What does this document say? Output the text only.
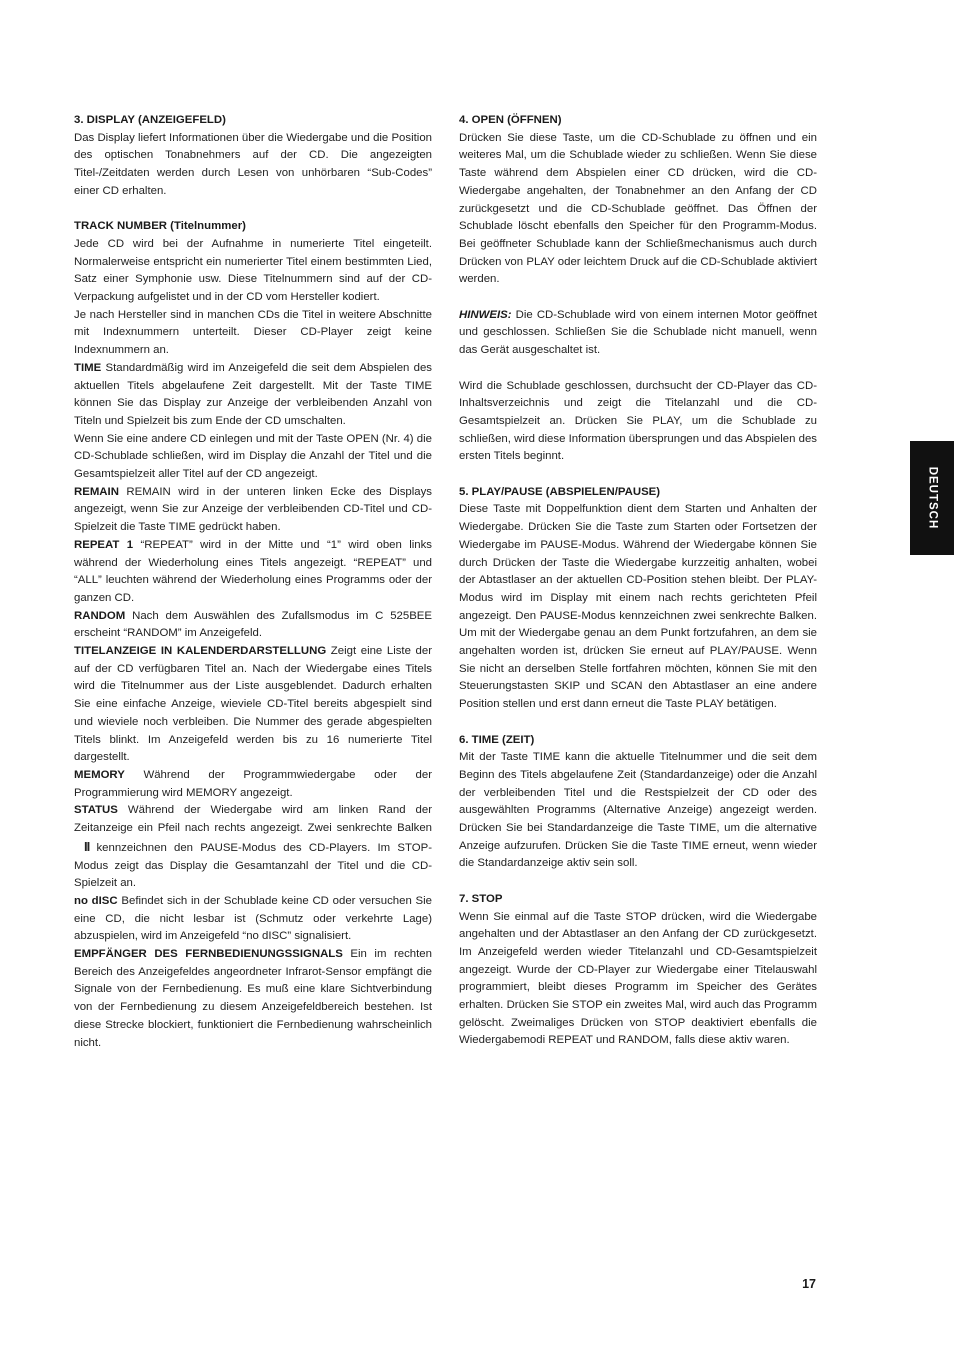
3. DISPLAY (ANZEIGEFELD)

Das Display liefert Informationen über die Wiedergabe und die Position des optischen Tonabnehmers auf der CD. Die angezeigten Titel-/Zeitdaten werden durch Lesen von unhörbaren “Sub-Codes” einer CD erhalten.

TRACK NUMBER (Titelnummer)

Jede CD wird bei der Aufnahme in numerierte Titel eingeteilt. Normalerweise entspricht ein numerierter Titel einem bestimmten Lied, Satz einer Symphonie usw. Diese Titelnummern sind auf der CD-Verpackung aufgelistet und in der CD vom Hersteller kodiert.

Je nach Hersteller sind in manchen CDs die Titel in weitere Abschnitte mit Indexnummern unterteilt. Dieser CD-Player zeigt keine Indexnummern an.

TIME Standardmäßig wird im Anzeigefeld die seit dem Abspielen des aktuellen Titels abgelaufene Zeit dargestellt. Mit der Taste TIME können Sie das Display zur Anzeige der verbleibenden Anzahl von Titeln und Spielzeit bis zum Ende der CD umschalten.

Wenn Sie eine andere CD einlegen und mit der Taste OPEN (Nr. 4) die CD-Schublade schließen, wird im Display die Anzahl der Titel und die Gesamtspielzeit aller Titel auf der CD angezeigt.

REMAIN REMAIN wird in der unteren linken Ecke des Displays angezeigt, wenn Sie zur Anzeige der verbleibenden CD-Titel und CD-Spielzeit die Taste TIME gedrückt haben.

REPEAT 1 “REPEAT” wird in der Mitte und “1” wird oben links während der Wiederholung eines Titels angezeigt. “REPEAT” und “ALL” leuchten während der Wiederholung eines Programms oder der ganzen CD.

RANDOM Nach dem Auswählen des Zufallsmodus im C 525BEE erscheint “RANDOM” im Anzeigefeld.

TITELANZEIGE IN KALENDERDARSTELLUNG Zeigt eine Liste der auf der CD verfügbaren Titel an. Nach der Wiedergabe eines Titels wird die Titelnummer aus der Liste ausgeblendet. Dadurch erhalten Sie eine einfache Anzeige, wieviele CD-Titel bereits abgespielt sind und wieviele noch verbleiben. Die Nummer des gerade abgespielten Titels blinkt. Im Anzeigefeld werden bis zu 16 numerierte Titel dargestellt.

MEMORY Während der Programmwiedergabe oder der Programmierung wird MEMORY angezeigt.

STATUS Während der Wiedergabe wird am linken Rand der Zeitanzeige ein Pfeil nach rechts angezeigt. Zwei senkrechte BalkenII kennzeichnen den PAUSE-Modus des CD-Players. Im STOP-Modus zeigt das Display die Gesamtanzahl der Titel und die CD-Spielzeit an.

no dISC Befindet sich in der Schublade keine CD oder versuchen Sie eine CD, die nicht lesbar ist (Schmutz oder verkehrte Lage) abzuspielen, wird im Anzeigefeld “no dISC” signalisiert.

EMPFÄNGER DES FERNBEDIENUNGSSIGNALS Ein im rechten Bereich des Anzeigefeldes angeordneter Infrarot-Sensor empfängt die Signale von der Fernbedienung. Es muß eine klare Sichtverbindung von der Fernbedienung zu diesem Anzeigefeldbereich bestehen. Ist diese Strecke blockiert, funktioniert die Fernbedienung wahrscheinlich nicht.

4. OPEN (ÖFFNEN)

Drücken Sie diese Taste, um die CD-Schublade zu öffnen und ein weiteres Mal, um die Schublade wieder zu schließen. Wenn Sie diese Taste während dem Abspielen einer CD drücken, wird die CD-Wiedergabe angehalten, der Tonabnehmer an den Anfang der CD zurückgesetzt und die CD-Schublade geöffnet. Das Öffnen der Schublade löscht ebenfalls den Speicher für den Programm-Modus. Bei geöffneter Schublade kann der Schließmechanismus auch durch Drücken von PLAY oder leichtem Druck auf die CD-Schublade aktiviert werden.

HINWEIS: Die CD-Schublade wird von einem internen Motor geöffnet und geschlossen. Schließen Sie die Schublade nicht manuell, wenn das Gerät ausgeschaltet ist.

Wird die Schublade geschlossen, durchsucht der CD-Player das CD-Inhaltsverzeichnis und zeigt die Titelanzahl und die CD-Gesamtspielzeit an. Drücken Sie PLAY, um die Schublade zu schließen, wird diese Information übersprungen und das Abspielen des ersten Titels beginnt.

5. PLAY/PAUSE (ABSPIELEN/PAUSE)

Diese Taste mit Doppelfunktion dient dem Starten und Anhalten der Wiedergabe. Drücken Sie die Taste zum Starten oder Fortsetzen der Wiedergabe im PAUSE-Modus. Während der Wiedergabe können Sie durch Drücken der Taste die Wiedergabe kurzzeitig anhalten, wobei der Abtastlaser an der aktuellen CD-Position stehen bleibt. Der PLAY-Modus wird im Display mit einem nach rechts gerichteten Pfeil angezeigt. Den PAUSE-Modus kennzeichnen zwei senkrechte Balken. Um mit der Wiedergabe genau an dem Punkt fortzufahren, an dem sie angehalten worden ist, drücken Sie erneut auf PLAY/PAUSE. Wenn Sie nicht an derselben Stelle fortfahren möchten, können Sie mit den Steuerungstasten SKIP und SCAN den Abtastlaser an eine andere Position stellen und erst dann erneut die Taste PLAY betätigen.

6. TIME (ZEIT)

Mit der Taste TIME kann die aktuelle Titelnummer und die seit dem Beginn des Titels abgelaufene Zeit (Standardanzeige) oder die Anzahl der verbleibenden Titel und die Restspielzeit der CD oder des ausgewählten Programms (Alternative Anzeige) angezeigt werden. Drücken Sie bei Standardanzeige die Taste TIME, um die alternative Anzeige aufzurufen. Drücken Sie die Taste TIME erneut, wenn wieder die Standardanzeige aktiv sein soll.

7. STOP

Wenn Sie einmal auf die Taste STOP drücken, wird die Wiedergabe angehalten und der Abtastlaser an den Anfang der CD zurückgesetzt. Im Anzeigefeld werden wieder Titelanzahl und CD-Gesamtspielzeit angezeigt. Wurde der CD-Player zur Wiedergabe einer Titelauswahl programmiert, bleibt dieses Programm im Speicher des Gerätes erhalten. Drücken Sie STOP ein zweites Mal, wird auch das Programm gelöscht. Zweimaliges Drücken von STOP deaktiviert ebenfalls die Wiedergabemodi REPEAT und RANDOM, falls diese aktiv waren.

DEUTSCH
17
